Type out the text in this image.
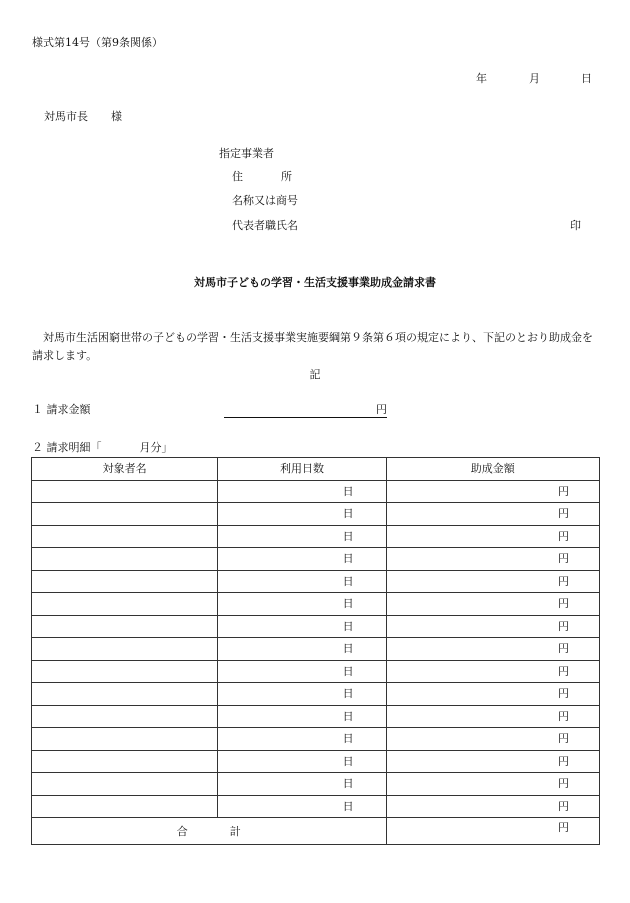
様式第14号（第9条関係）
年	月	日
対馬市長 様
指定事業者
住	所
名称又は商号
代表者職氏名	印
対馬市子どもの学習・生活支援事業助成金請求書
対馬市生活困窮世帯の子どもの学習・生活支援事業実施要綱第９条第６項の規定により、下記のとおり助成金を請求します。
記
１ 請求金額	円
２ 請求明細「	月分」
対象者名	利用日数	助成金額
	日	円
	日	円
	日	円
	日	円
	日	円
	日	円
	日	円
	日	円
	日	円
	日	円
	日	円
	日	円
	日	円
	日	円
	日	円
合 計		円
